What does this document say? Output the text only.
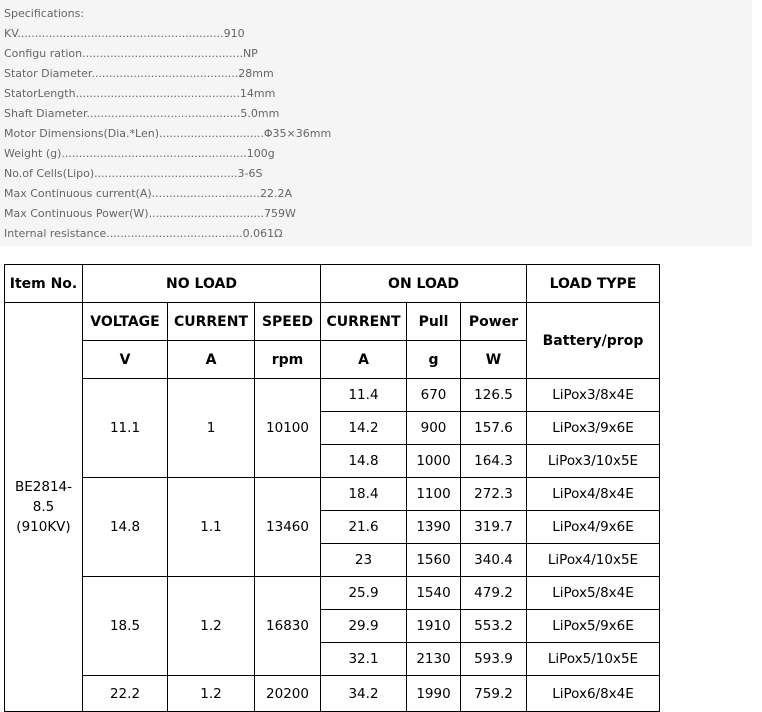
Specifications:
KV...........................................................910
Configu ration..............................................NP
Stator Diameter..........................................28mm
StatorLength...............................................14mm
Shaft Diameter............................................5.0mm
Motor Dimensions(Dia.*Len)..............................Φ35×36mm
Weight (g).....................................................100g
No.of Cells(Lipo).........................................3-6S
Max Continuous current(A)...............................22.2A
Max Continuous Power(W).................................759W
Internal resistance.......................................0.061Ω
Item No.	NO LOAD			ON LOAD			LOAD TYPE

BE2814-
8.5
(910KV)	VOLTAGE	CURRENT	SPEED	CURRENT	Pull	Power	Battery/prop
	V	A	rpm	A	g	W	
	11.1	1	10100	11.4	670	126.5	LiPox3/8x4E
				14.2	900	157.6	LiPox3/9x6E
				14.8	1000	164.3	LiPox3/10x5E
	14.8	1.1	13460	18.4	1100	272.3	LiPox4/8x4E
				21.6	1390	319.7	LiPox4/9x6E
				23	1560	340.4	LiPox4/10x5E
	18.5	1.2	16830	25.9	1540	479.2	LiPox5/8x4E
				29.9	1910	553.2	LiPox5/9x6E
				32.1	2130	593.9	LiPox5/10x5E
	22.2	1.2	20200	34.2	1990	759.2	LiPox6/8x4E
